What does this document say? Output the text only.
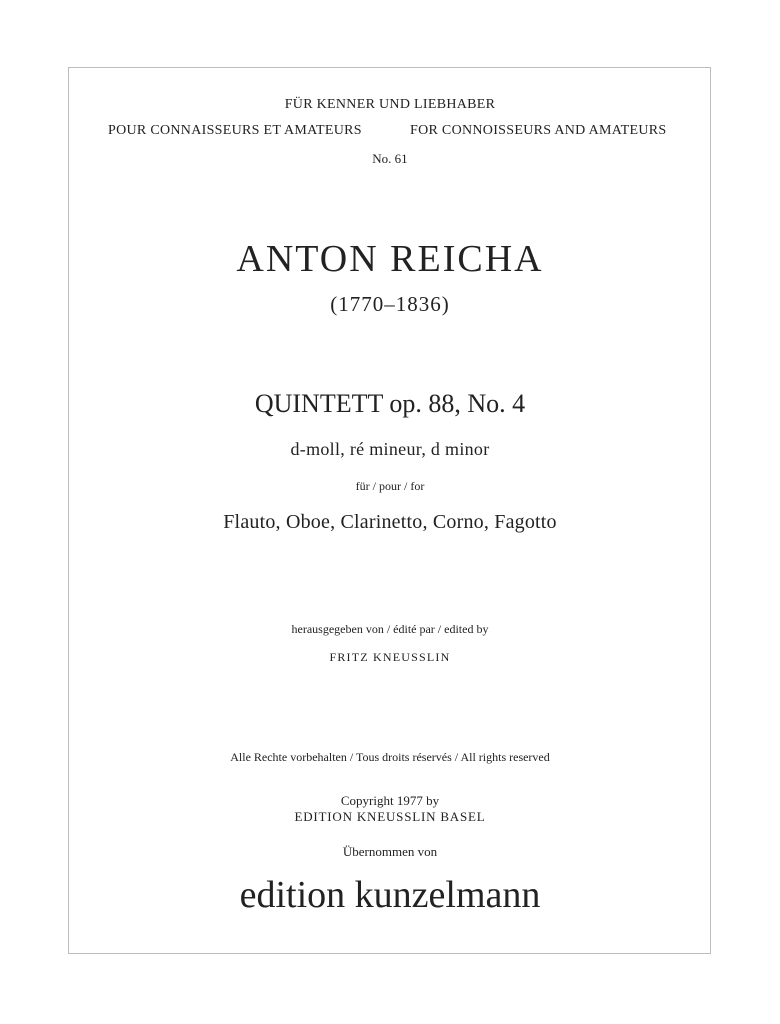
FÜR KENNER UND LIEBHABER
POUR CONNAISSEURS ET AMATEURS	FOR CONNOISSEURS AND AMATEURS
No. 61
ANTON REICHA
(1770–1836)
QUINTETT op. 88, No. 4
d-moll, ré mineur, d minor
für / pour / for
Flauto, Oboe, Clarinetto, Corno, Fagotto
herausgegeben von / édité par / edited by
FRITZ KNEUSSLIN
Alle Rechte vorbehalten / Tous droits réservés / All rights reserved
Copyright 1977 by
EDITION KNEUSSLIN BASEL
Übernommen von
edition kunzelmann
